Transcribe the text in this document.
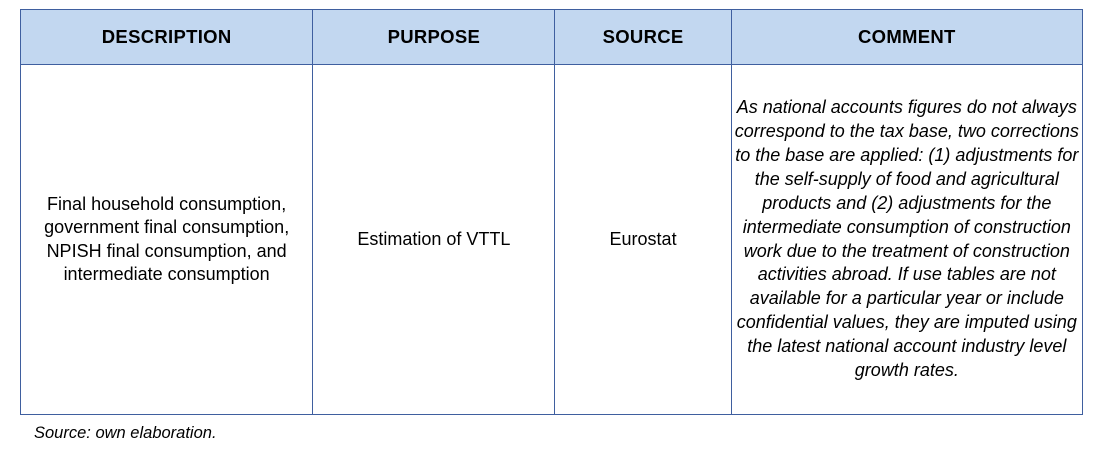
DESCRIPTION	PURPOSE	SOURCE	COMMENT
Final household consumption, government final consumption, NPISH final consumption, and intermediate consumption	Estimation of VTTL	Eurostat	As national accounts figures do not always correspond to the tax base, two corrections to the base are applied: (1) adjustments for the self-supply of food and agricultural products and (2) adjustments for the intermediate consumption of construction work due to the treatment of construction activities abroad. If use tables are not available for a particular year or include confidential values, they are imputed using the latest national account industry level growth rates.
Source: own elaboration.
